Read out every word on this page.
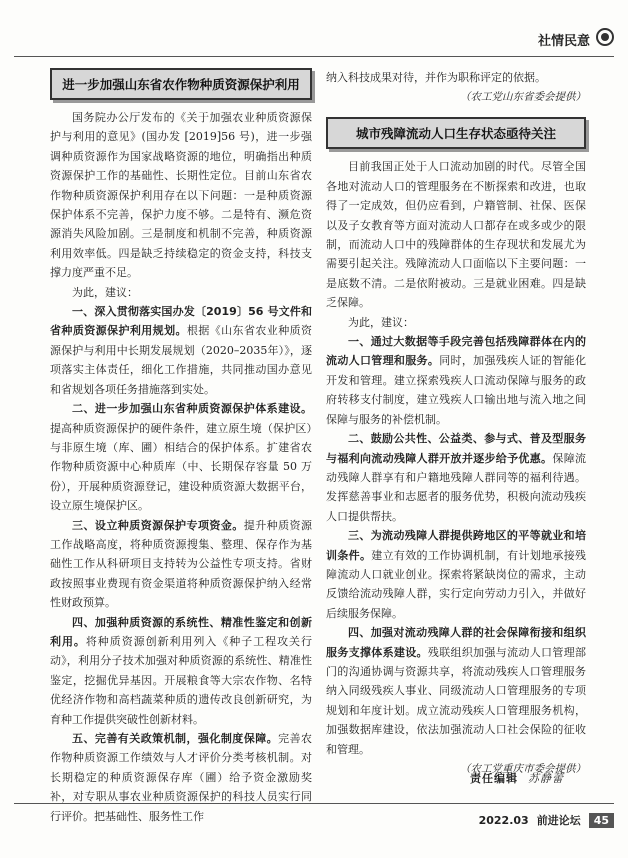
社情民意
进一步加强山东省农作物种质资源保护利用

国务院办公厅发布的《关于加强农业种质资源保护与利用的意见》(国办发 [2019]56 号)，进一步强调种质资源作为国家战略资源的地位，明确指出种质资源保护工作的基础性、长期性定位。目前山东省农作物种质资源保护利用存在以下问题：一是种质资源保护体系不完善，保护力度不够。二是特有、濒危资源消失风险加剧。三是制度和机制不完善，种质资源利用效率低。四是缺乏持续稳定的资金支持，科技支撑力度严重不足。

为此，建议：

一、深入贯彻落实国办发〔2019〕56 号文件和省种质资源保护利用规划。根据《山东省农业种质资源保护与利用中长期发展规划（2020–2035年）》，逐项落实主体责任，细化工作措施，共同推动国办意见和省规划各项任务措施落到实处。

二、进一步加强山东省种质资源保护体系建设。提高种质资源保护的硬件条件，建立原生境（保护区）与非原生境（库、圃）相结合的保护体系。扩建省农作物种质资源中心种质库（中、长期保存容量 50 万份），开展种质资源登记，建设种质资源大数据平台，设立原生境保护区。

三、设立种质资源保护专项资金。提升种质资源工作战略高度，将种质资源搜集、整理、保存作为基础性工作从科研项目支持转为公益性专项支持。省财政按照事业费现有资金渠道将种质资源保护纳入经常性财政预算。

四、加强种质资源的系统性、精准性鉴定和创新利用。将种质资源创新利用列入《种子工程攻关行动》，利用分子技术加强对种质资源的系统性、精准性鉴定，挖掘优异基因。开展粮食等大宗农作物、名特优经济作物和高档蔬菜种质的遗传改良创新研究，为育种工作提供突破性创新材料。

五、完善有关政策机制，强化制度保障。完善农作物种质资源工作绩效与人才评价分类考核机制。对长期稳定的种质资源保存库（圃）给予资金激励奖补，对专职从事农业种质资源保护的科技人员实行同行评价。把基础性、服务性工作

纳入科技成果对待，并作为职称评定的依据。

（农工党山东省委会提供）
城市残障流动人口生存状态亟待关注

目前我国正处于人口流动加剧的时代。尽管全国各地对流动人口的管理服务在不断探索和改进，也取得了一定成效，但仍应看到，户籍管制、社保、医保以及子女教育等方面对流动人口都存在或多或少的限制，而流动人口中的残障群体的生存现状和发展尤为需要引起关注。残障流动人口面临以下主要问题：一是底数不清。二是依附被动。三是就业困难。四是缺乏保障。

为此，建议：

一、通过大数据等手段完善包括残障群体在内的流动人口管理和服务。同时，加强残疾人证的智能化开发和管理。建立探索残疾人口流动保障与服务的政府转移支付制度，建立残疾人口输出地与流入地之间保障与服务的补偿机制。

二、鼓励公共性、公益类、参与式、普及型服务与福利向流动残障人群开放并逐步给予优惠。保障流动残障人群享有和户籍地残障人群同等的福利待遇。发挥慈善事业和志愿者的服务优势，积极向流动残疾人口提供帮扶。

三、为流动残障人群提供跨地区的平等就业和培训条件。建立有效的工作协调机制，有计划地承接残障流动人口就业创业。探索将紧缺岗位的需求，主动反馈给流动残障人群，实行定向劳动力引入，并做好后续服务保障。

四、加强对流动残障人群的社会保障衔接和组织服务支撑体系建设。残联组织加强与流动人口管理部门的沟通协调与资源共享，将流动残疾人口管理服务纳入同级残疾人事业、同级流动人口管理服务的专项规划和年度计划。成立流动残疾人口管理服务机构，加强数据库建设，依法加强流动人口社会保险的征收和管理。

（农工党重庆市委会提供）
责任编辑 苏静蕾
2022.03 前进论坛	45
